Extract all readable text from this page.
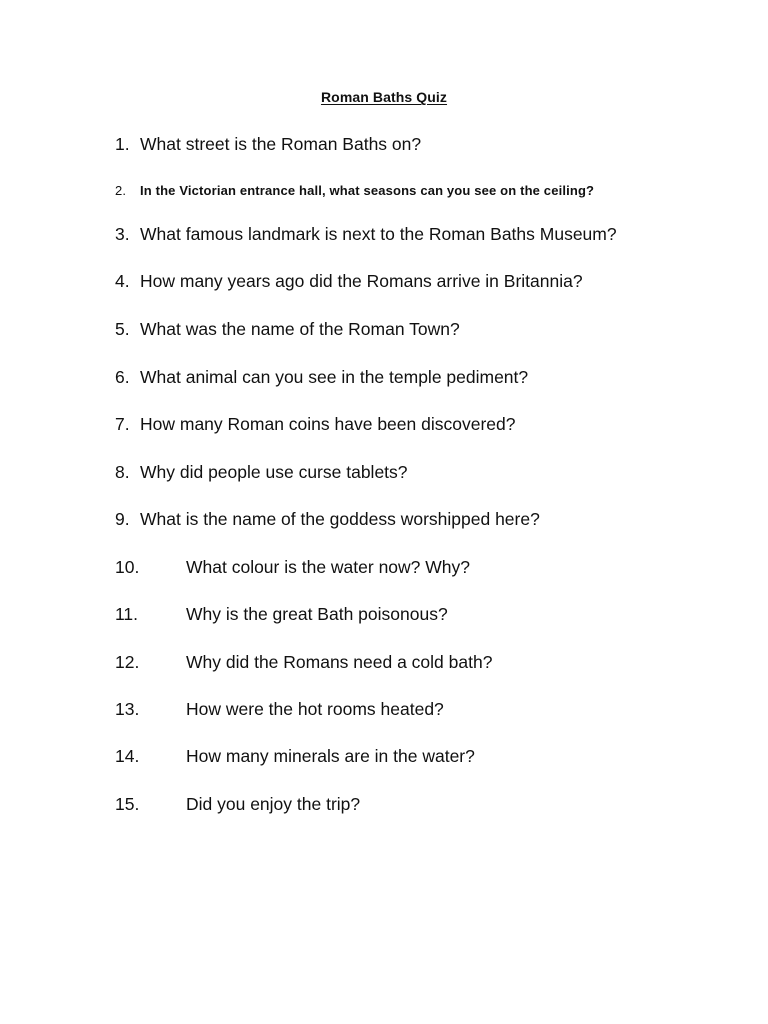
Roman Baths Quiz
1. What street is the Roman Baths on?
2. In the Victorian entrance hall, what seasons can you see on the ceiling?
3. What famous landmark is next to the Roman Baths Museum?
4. How many years ago did the Romans arrive in Britannia?
5. What was the name of the Roman Town?
6. What animal can you see in the temple pediment?
7. How many Roman coins have been discovered?
8. Why did people use curse tablets?
9. What is the name of the goddess worshipped here?
10.	What colour is the water now? Why?
11.	Why is the great Bath poisonous?
12.	Why did the Romans need a cold bath?
13.	How were the hot rooms heated?
14.	How many minerals are in the water?
15.	Did you enjoy the trip?
